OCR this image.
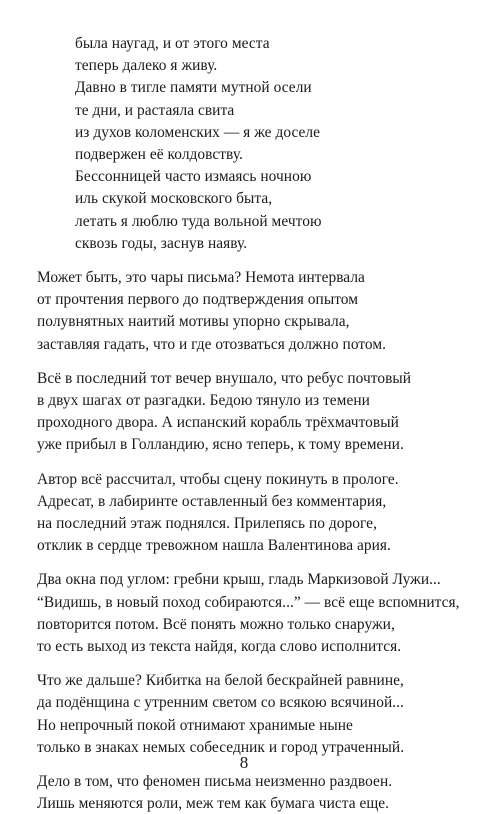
была наугад, и от этого места
теперь далеко я живу.
Давно в тигле памяти мутной осели
те дни, и растаяла свита
из духов коломенских — я же доселе
подвержен её колдовству.
Бессонницей часто измаясь ночною
иль скукой московского быта,
летать я люблю туда вольной мечтою
сквозь годы, заснув наяву.
Может быть, это чары письма? Немота интервала
от прочтения первого до подтверждения опытом
полувнятных наитий мотивы упорно скрывала,
заставляя гадать, что и где отозваться должно потом.
Всё в последний тот вечер внушало, что ребус почтовый
в двух шагах от разгадки. Бедою тянуло из темени
проходного двора. А испанский корабль трёхмачтовый
уже прибыл в Голландию, ясно теперь, к тому времени.
Автор всё рассчитал, чтобы сцену покинуть в прологе.
Адресат, в лабиринте оставленный без комментария,
на последний этаж поднялся. Прилепясь по дороге,
отклик в сердце тревожном нашла Валентинова ария.
Два окна под углом: гребни крыш, гладь Маркизовой Лужи...
“Видишь, в новый поход собираются...” — всё еще вспомнится,
повторится потом. Всё понять можно только снаружи,
то есть выход из текста найдя, когда слово исполнится.
Что же дальше? Кибитка на белой бескрайней равнине,
да подёнщина с утренним светом со всякою всячиной...
Но непрочный покой отнимают хранимые ныне
только в знаках немых собеседник и город утраченный.
Дело в том, что феномен письма неизменно раздвоен.
Лишь меняются роли, меж тем как бумага чиста еще.
8
